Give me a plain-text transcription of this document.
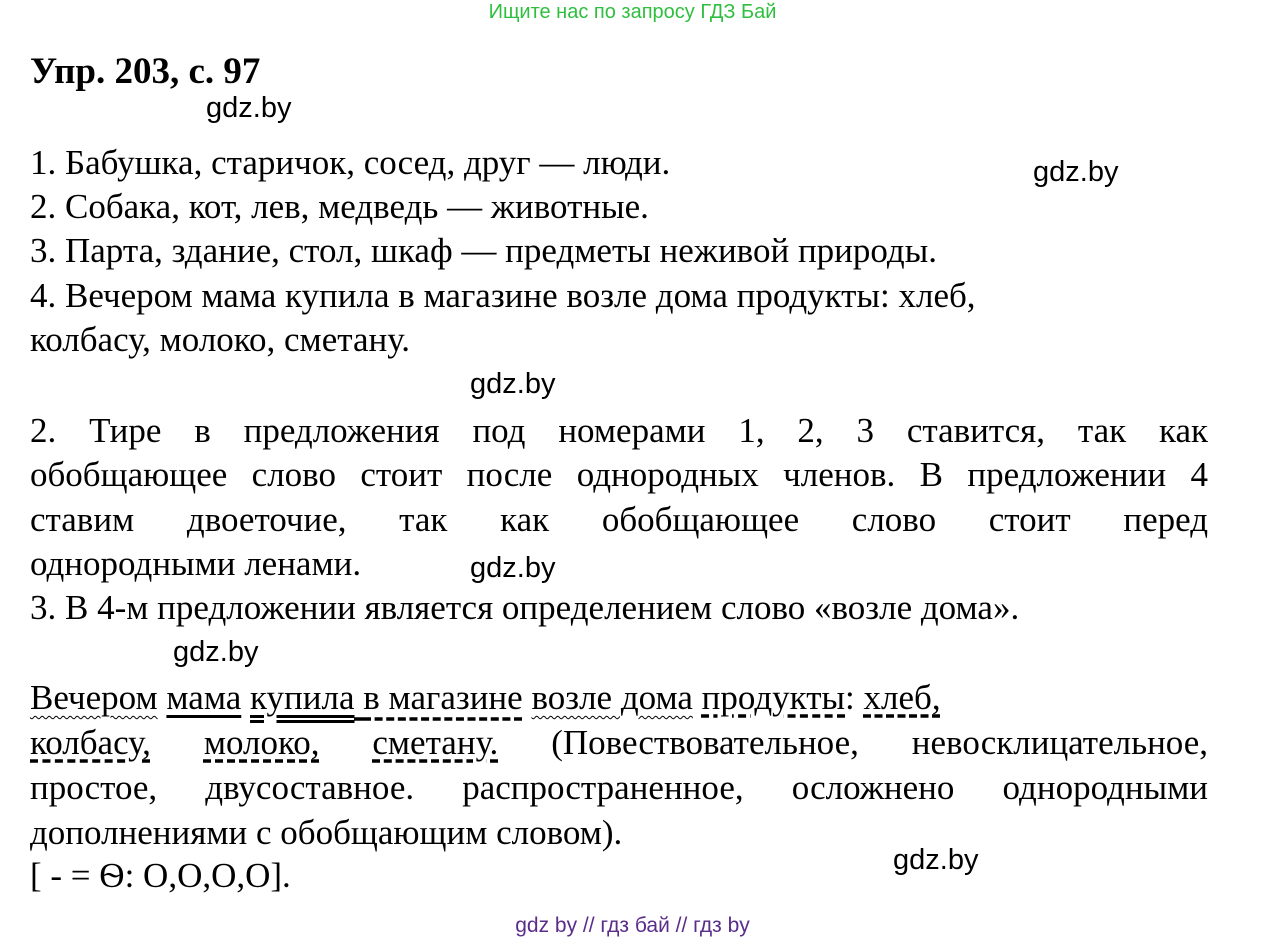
Ищите нас по запросу ГДЗ Бай
Упр. 203, с. 97
gdz.by
gdz.by
gdz.by
gdz.by
gdz.by
gdz.by
1. Бабушка, старичок, сосед, друг — люди.
2. Собака, кот, лев, медведь — животные.
3. Парта, здание, стол, шкаф — предметы неживой природы.
4. Вечером мама купила в магазине возле дома продукты: хлеб,
колбасу, молоко, сметану.
2. Тире в предложения под номерами 1, 2, 3 ставится, так как
обобщающее слово стоит после однородных членов. В предложении 4
ставим двоеточие, так как обобщающее слово стоит перед
однородными ленами.
3. В 4-м предложении является определением слово «возле дома».
Вечером мама купила в магазине возле дома продукты: хлеб,
колбасу, молоко, сметану. (Повествовательное, невосклицательное,
простое, двусоставное. распространенное, осложнено однородными
дополнениями с обобщающим словом).
[ - = Ѳ: О,О,О,О].
gdz by // гдз бай // гдз by
